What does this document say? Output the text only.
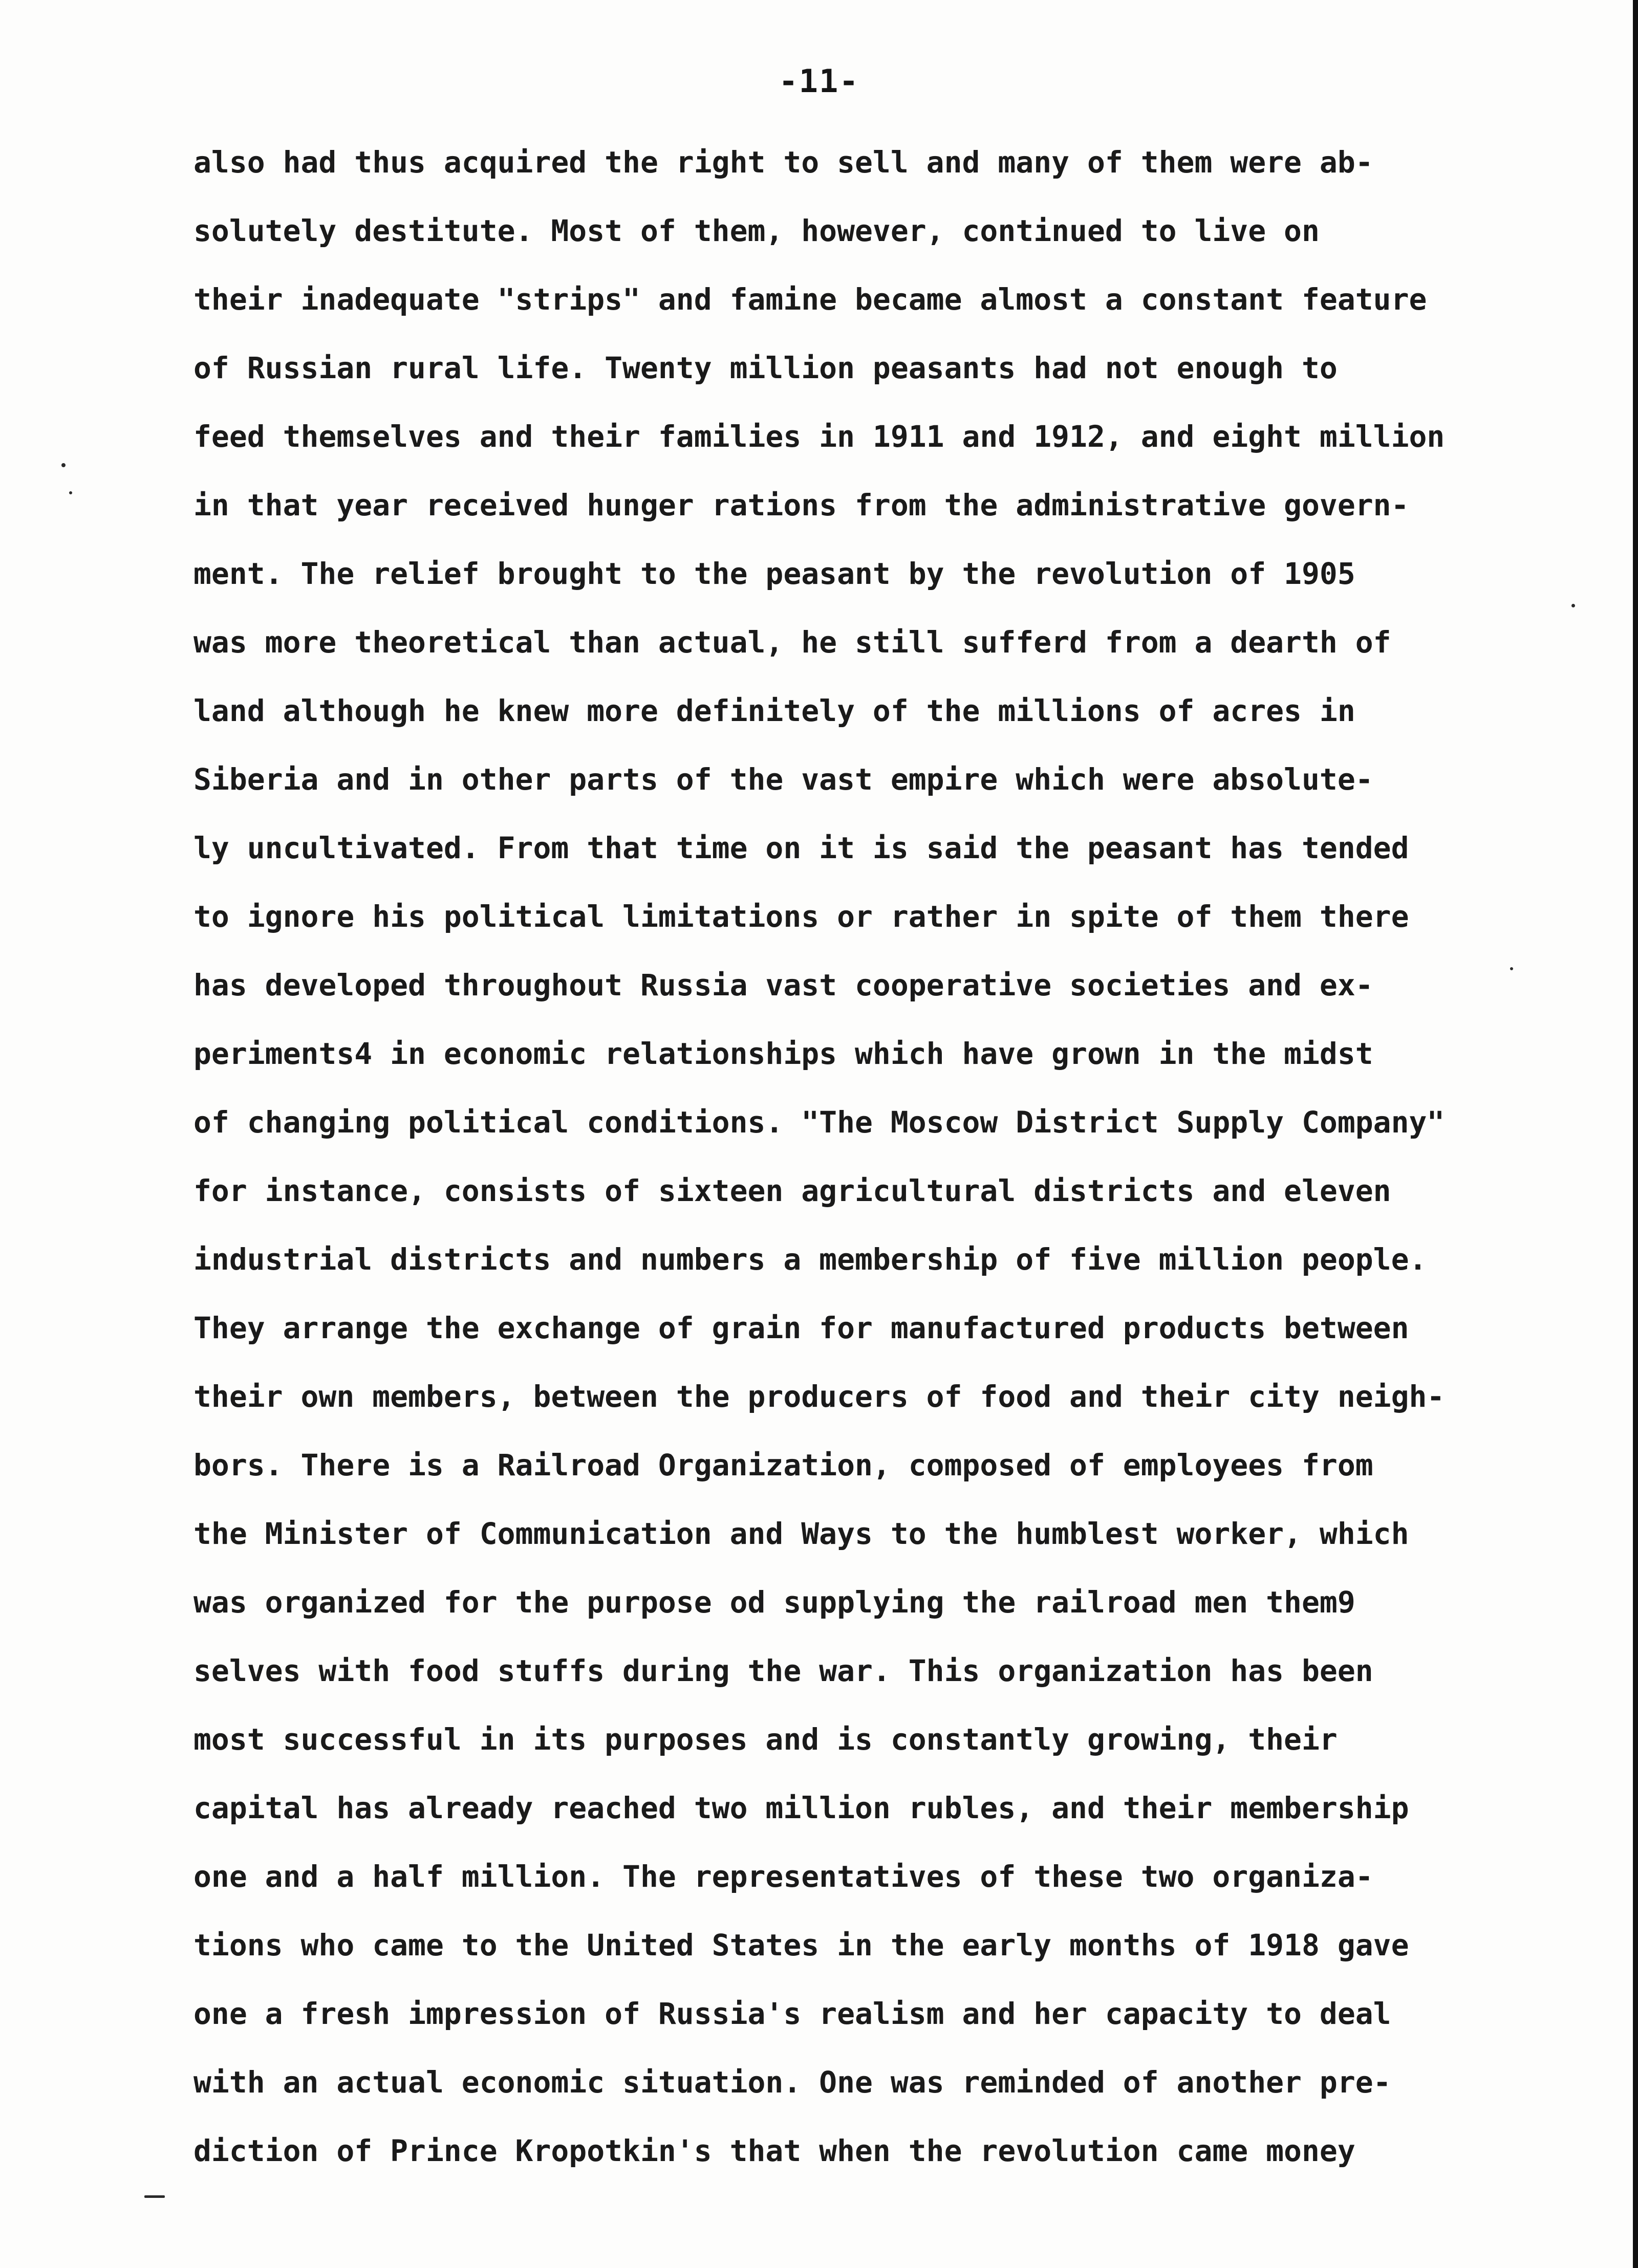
-11-
also had thus acquired the right to sell and many of them were ab-
solutely destitute. Most of them, however, continued to live on
their inadequate "strips" and famine became almost a constant feature
of Russian rural life. Twenty million peasants had not enough to
feed themselves and their families in 1911 and 1912, and eight million
in that year received hunger rations from the administrative govern-
ment. The relief brought to the peasant by the revolution of 1905
was more theoretical than actual, he still sufferd from a dearth of
land although he knew more definitely of the millions of acres in
Siberia and in other parts of the vast empire which were absolute-
ly uncultivated. From that time on it is said the peasant has tended
to ignore his political limitations or rather in spite of them there
has developed throughout Russia vast cooperative societies and ex-
periments4 in economic relationships which have grown in the midst
of changing political conditions. "The Moscow District Supply Company"
for instance, consists of sixteen agricultural districts and eleven
industrial districts and numbers a membership of five million people.
They arrange the exchange of grain for manufactured products between
their own members, between the producers of food and their city neigh-
bors. There is a Railroad Organization, composed of employees from
the Minister of Communication and Ways to the humblest worker, which
was organized for the purpose od supplying the railroad men them9
selves with food stuffs during the war. This organization has been
most successful in its purposes and is constantly growing, their
capital has already reached two million rubles, and their membership
one and a half million. The representatives of these two organiza-
tions who came to the United States in the early months of 1918 gave
one a fresh impression of Russia's realism and her capacity to deal
with an actual economic situation. One was reminded of another pre-
diction of Prince Kropotkin's that when the revolution came money
